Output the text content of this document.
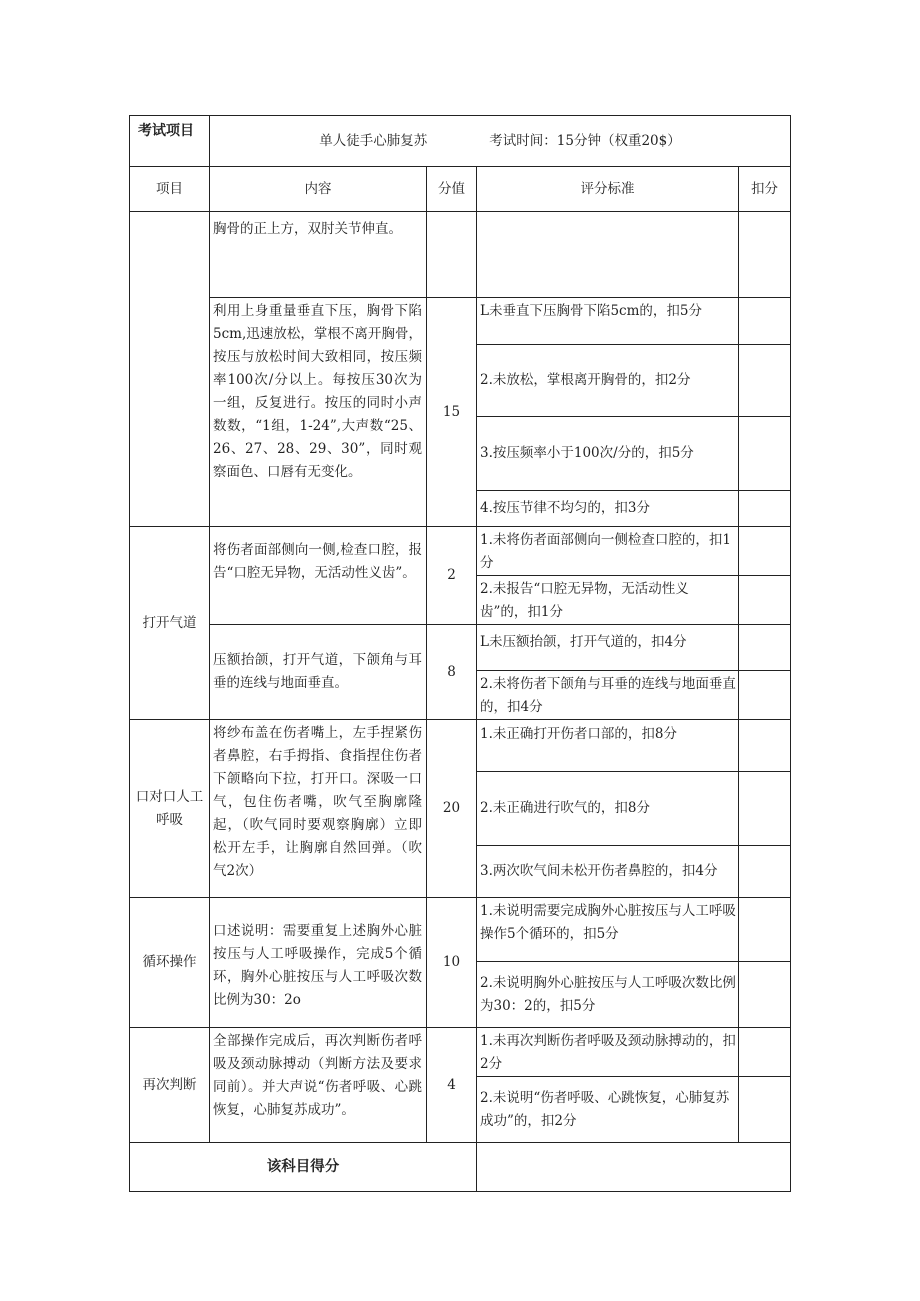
考试项目	单人徒手心肺复苏 考试时间：15分钟（权重20$）			
项目	内容	分值	评分标准	扣分
	胸骨的正上方，双肘关节伸直。			
	利用上身重量垂直下压，胸骨下陷5cm,迅速放松，掌根不离开胸骨，按压与放松时间大致相同，按压频率100次/分以上。每按压30次为一组，反复进行。按压的同时小声数数，“1组，1-24”,大声数“25、26、27、28、29、30”，同时观察面色、口唇有无变化。	15	L未垂直下压胸骨下陷5cm的，扣5分	
			2.未放松，掌根离开胸骨的，扣2分	
			3.按压频率小于100次/分的，扣5分	
			4.按压节律不均匀的，扣3分	
打开气道	将伤者面部侧向一侧,检查口腔，报告“口腔无异物，无活动性义齿”。	2	1.未将伤者面部侧向一侧检查口腔的，扣1分	
			2.未报告“口腔无异物，无活动性义齿”的，扣1分	
	压额抬颌，打开气道，下颌角与耳垂的连线与地面垂直。	8	L未压额抬颌，打开气道的，扣4分	
			2.未将伤者下颌角与耳垂的连线与地面垂直的，扣4分	
口对口人工呼吸	将纱布盖在伤者嘴上，左手捏紧伤者鼻腔，右手拇指、食指捏住伤者下颌略向下拉，打开口。深吸一口气，包住伤者嘴，吹气至胸廓隆起，（吹气同时要观察胸廓）立即松开左手，让胸廓自然回弹。（吹气2次）	20	1.未正确打开伤者口部的，扣8分	
			2.未正确进行吹气的，扣8分	
			3.两次吹气间未松开伤者鼻腔的，扣4分	
循环操作	口述说明：需要重复上述胸外心脏按压与人工呼吸操作，完成5个循环，胸外心脏按压与人工呼吸次数比例为30：2o	10	1.未说明需要完成胸外心脏按压与人工呼吸操作5个循环的，扣5分	
			2.未说明胸外心脏按压与人工呼吸次数比例为30：2的，扣5分	
再次判断	全部操作完成后，再次判断伤者呼吸及颈动脉搏动（判断方法及要求同前）。并大声说“伤者呼吸、心跳恢复，心肺复苏成功”。	4	1.未再次判断伤者呼吸及颈动脉搏动的，扣2分	
			2.未说明“伤者呼吸、心跳恢复，心肺复苏成功”的，扣2分	
该科目得分				
